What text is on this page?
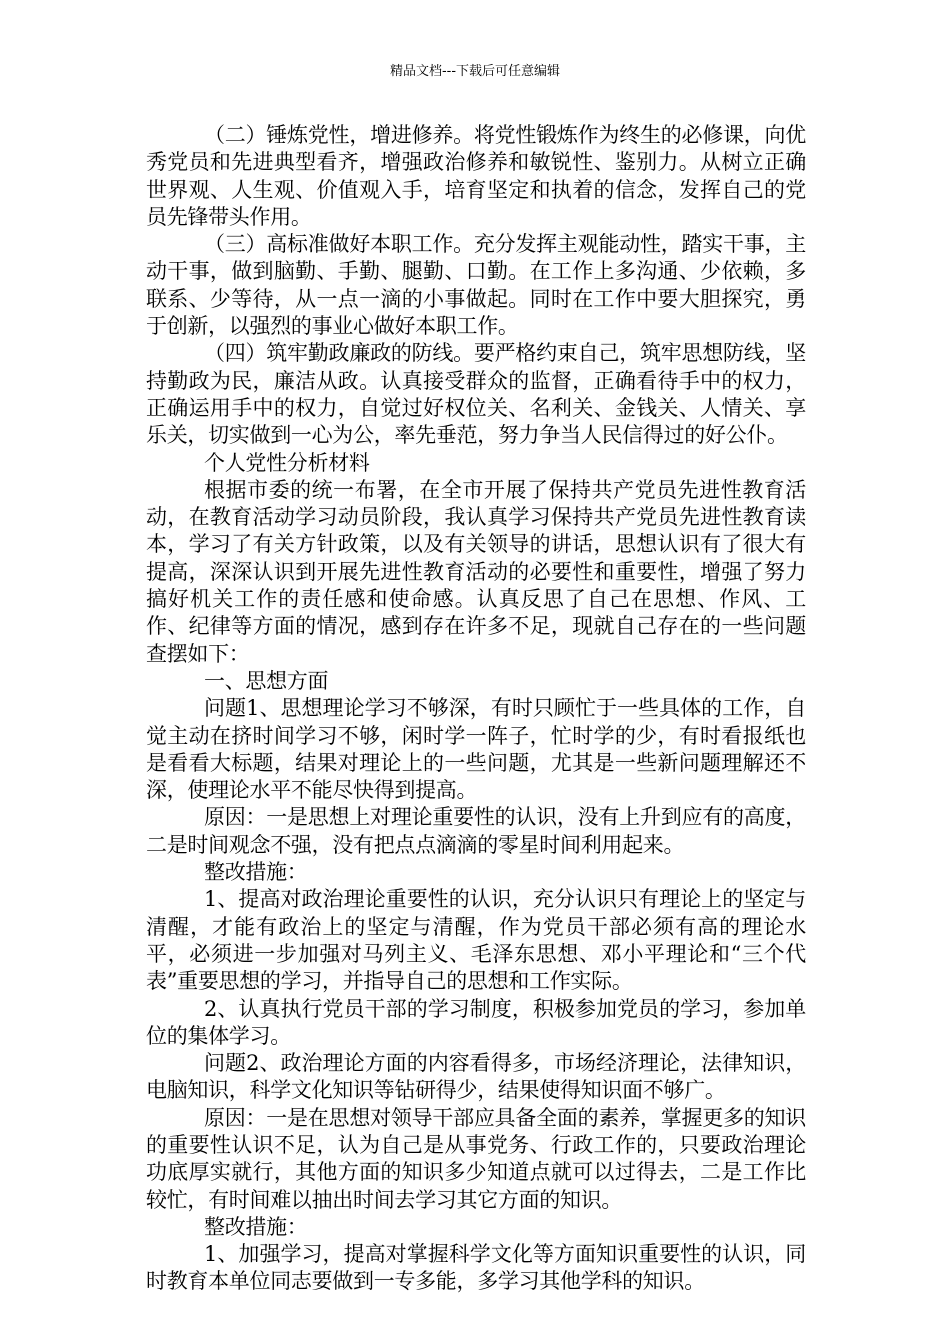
精品文档---下载后可任意编辑

（二）锤炼党性，增进修养。将党性锻炼作为终生的必修课，向优秀党员和先进典型看齐，增强政治修养和敏锐性、鉴别力。从树立正确世界观、人生观、价值观入手，培育坚定和执着的信念，发挥自己的党员先锋带头作用。

（三）高标准做好本职工作。充分发挥主观能动性，踏实干事，主动干事，做到脑勤、手勤、腿勤、口勤。在工作上多沟通、少依赖，多联系、少等待，从一点一滴的小事做起。同时在工作中要大胆探究，勇于创新，以强烈的事业心做好本职工作。

（四）筑牢勤政廉政的防线。要严格约束自己，筑牢思想防线，坚持勤政为民，廉洁从政。认真接受群众的监督，正确看待手中的权力，正确运用手中的权力，自觉过好权位关、名利关、金钱关、人情关、享乐关，切实做到一心为公，率先垂范，努力争当人民信得过的好公仆。

个人党性分析材料

根据市委的统一布署，在全市开展了保持共产党员先进性教育活动，在教育活动学习动员阶段，我认真学习保持共产党员先进性教育读本，学习了有关方针政策，以及有关领导的讲话，思想认识有了很大有提高，深深认识到开展先进性教育活动的必要性和重要性，增强了努力搞好机关工作的责任感和使命感。认真反思了自己在思想、作风、工作、纪律等方面的情况，感到存在许多不足，现就自己存在的一些问题查摆如下：

一、思想方面

问题1、思想理论学习不够深，有时只顾忙于一些具体的工作，自觉主动在挤时间学习不够，闲时学一阵子，忙时学的少，有时看报纸也是看看大标题，结果对理论上的一些问题，尤其是一些新问题理解还不深，使理论水平不能尽快得到提高。

原因：一是思想上对理论重要性的认识，没有上升到应有的高度，二是时间观念不强，没有把点点滴滴的零星时间利用起来。

整改措施：

1、提高对政治理论重要性的认识，充分认识只有理论上的坚定与清醒，才能有政治上的坚定与清醒，作为党员干部必须有高的理论水平，必须进一步加强对马列主义、毛泽东思想、邓小平理论和“三个代表”重要思想的学习，并指导自己的思想和工作实际。

2、认真执行党员干部的学习制度，积极参加党员的学习，参加单位的集体学习。

问题2、政治理论方面的内容看得多，市场经济理论，法律知识，电脑知识，科学文化知识等钻研得少，结果使得知识面不够广。

原因：一是在思想对领导干部应具备全面的素养，掌握更多的知识的重要性认识不足，认为自己是从事党务、行政工作的，只要政治理论功底厚实就行，其他方面的知识多少知道点就可以过得去，二是工作比较忙，有时间难以抽出时间去学习其它方面的知识。

整改措施：

1、加强学习，提高对掌握科学文化等方面知识重要性的认识，同时教育本单位同志要做到一专多能，多学习其他学科的知识。
